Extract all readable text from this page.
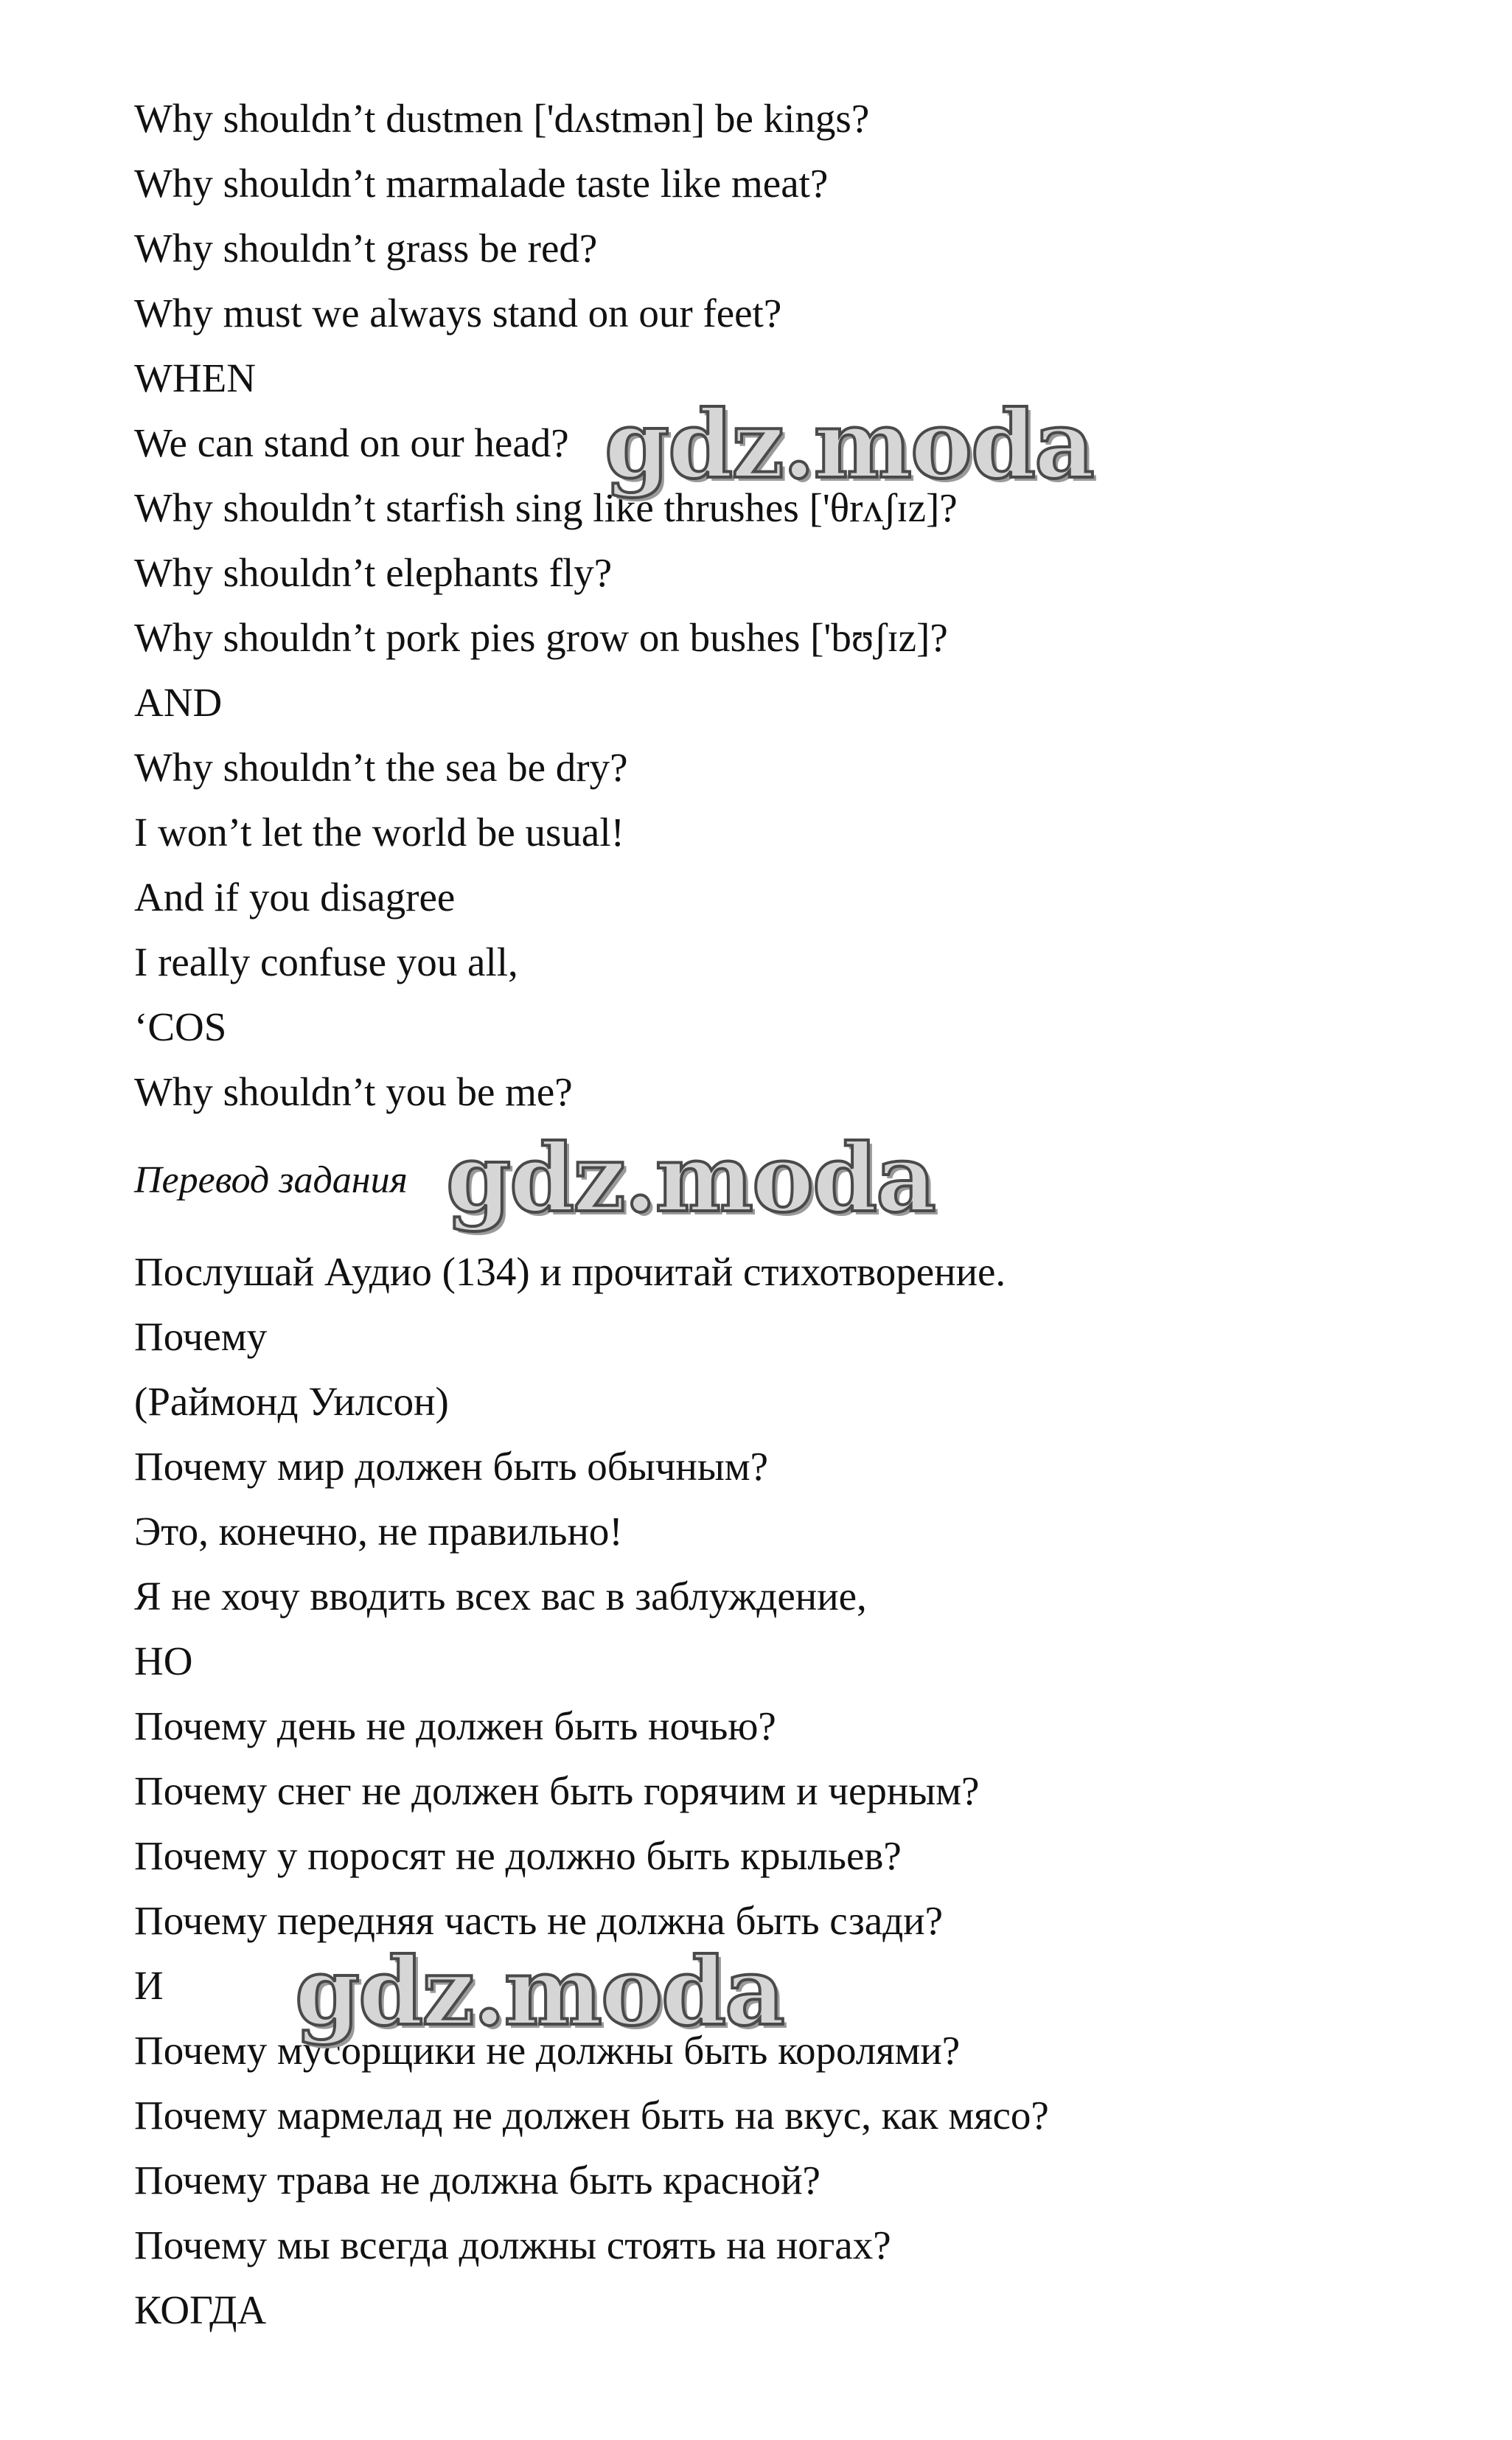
Why shouldn’t dustmen ['dʌstmən] be kings?

Why shouldn’t marmalade taste like meat?

Why shouldn’t grass be red?

Why must we always stand on our feet?

WHEN

We can stand on our head?

Why shouldn’t starfish sing like thrushes ['θrʌʃɪz]?

Why shouldn’t elephants fly?

Why shouldn’t pork pies grow on bushes ['bʊʃɪz]?

AND

Why shouldn’t the sea be dry?

I won’t let the world be usual!

And if you disagree

I really confuse you all,

‘COS

Why shouldn’t you be me?

Перевод задания

Послушай Аудио (134) и прочитай стихотворение.

Почему

(Раймонд Уилсон)

Почему мир должен быть обычным?

Это, конечно, не правильно!

Я не хочу вводить всех вас в заблуждение,

НО

Почему день не должен быть ночью?

Почему снег не должен быть горячим и черным?

Почему у поросят не должно быть крыльев?

Почему передняя часть не должна быть сзади?

И

Почему мусорщики не должны быть королями?

Почему мармелад не должен быть на вкус, как мясо?

Почему трава не должна быть красной?

Почему мы всегда должны стоять на ногах?

КОГДА

gdz.moda
gdz.moda
gdz.moda
